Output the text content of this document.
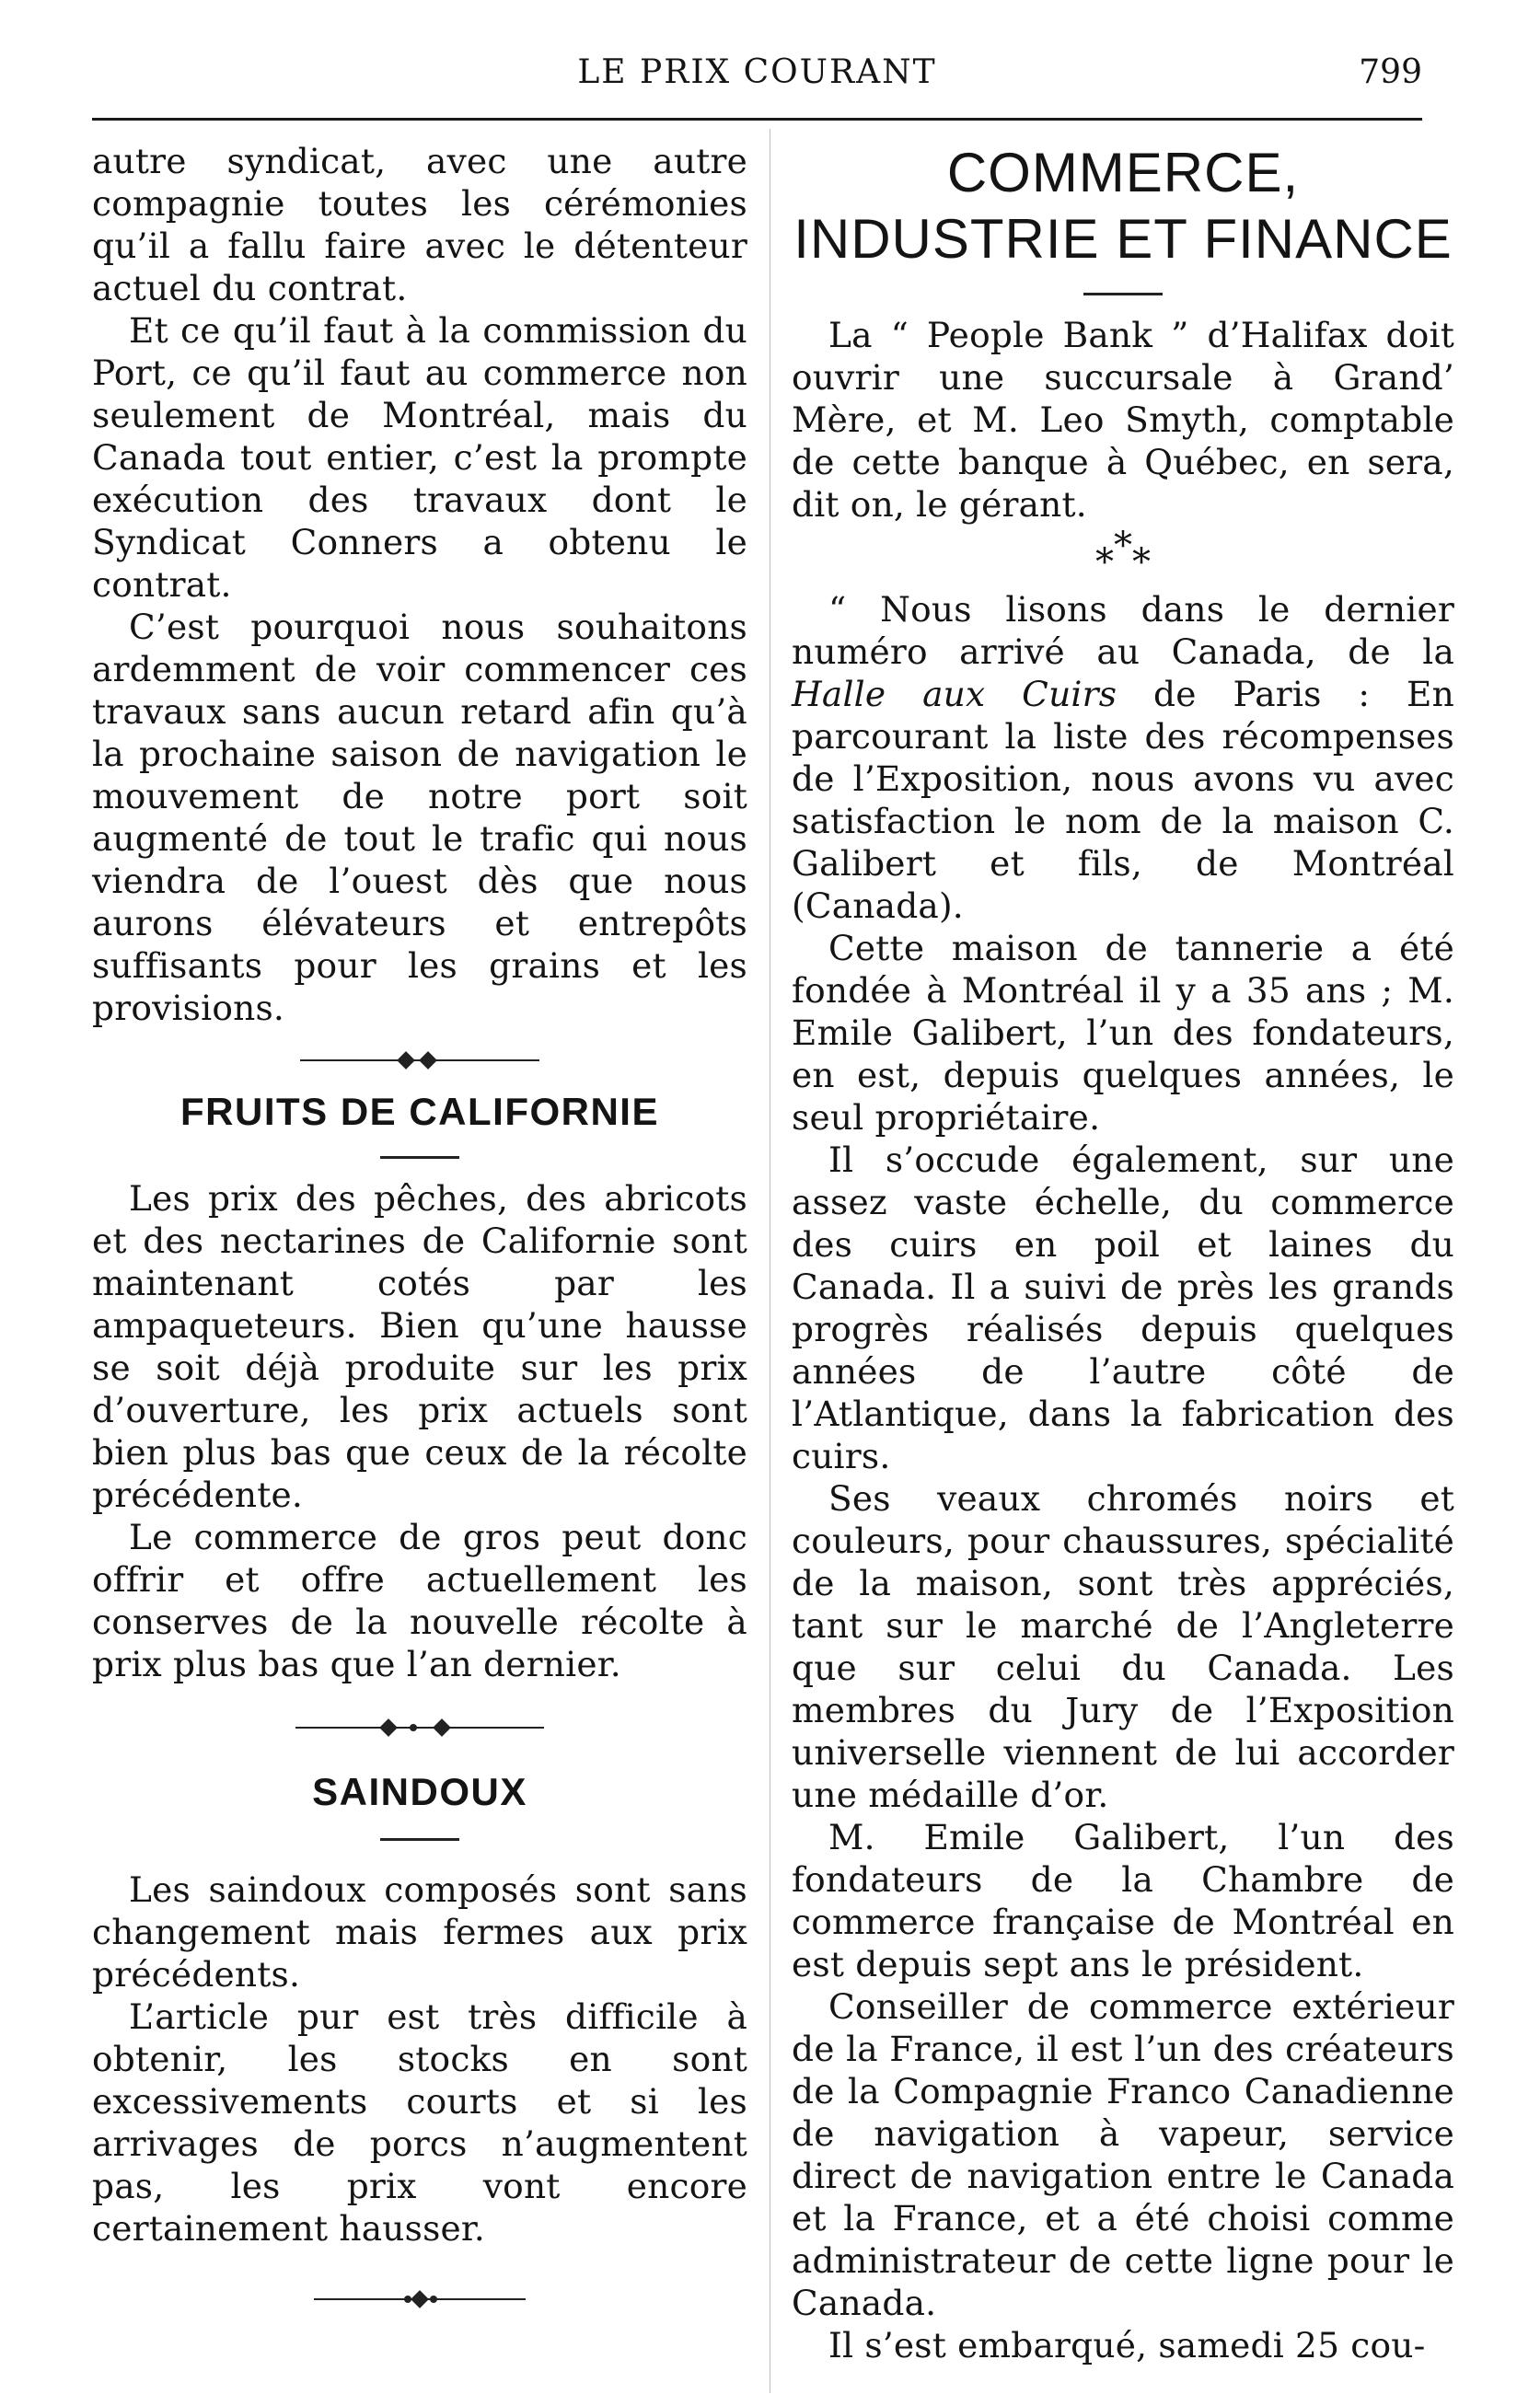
LE PRIX COURANT	799

autre syndicat, avec une autre compagnie toutes les cérémonies qu’il a fallu faire avec le détenteur actuel du contrat.

Et ce qu’il faut à la commission du Port, ce qu’il faut au commerce non seulement de Montréal, mais du Canada tout entier, c’est la prompte exécution des travaux dont le Syndicat Conners a obtenu le contrat.

C’est pourquoi nous souhaitons ardemment de voir commencer ces travaux sans aucun retard afin qu’à la prochaine saison de navigation le mouvement de notre port soit augmenté de tout le trafic qui nous viendra de l’ouest dès que nous aurons élévateurs et entrepôts suffisants pour les grains et les provisions.

FRUITS DE CALIFORNIE

Les prix des pêches, des abricots et des nectarines de Californie sont maintenant cotés par les ampaqueteurs. Bien qu’une hausse se soit déjà produite sur les prix d’ouverture, les prix actuels sont bien plus bas que ceux de la récolte précédente.

Le commerce de gros peut donc offrir et offre actuellement les conserves de la nouvelle récolte à prix plus bas que l’an dernier.

SAINDOUX

Les saindoux composés sont sans changement mais fermes aux prix précédents.

L’article pur est très difficile à obtenir, les stocks en sont excessivements courts et si les arrivages de porcs n’augmentent pas, les prix vont encore certainement hausser.

COMMERCE,
INDUSTRIE ET FINANCE

La “ People Bank ” d’Halifax doit ouvrir une succursale à Grand’ Mère, et M. Leo Smyth, comptable de cette banque à Québec, en sera, dit on, le gérant.

***

“ Nous lisons dans le dernier numéro arrivé au Canada, de la Halle aux Cuirs de Paris : En parcourant la liste des récompenses de l’Exposition, nous avons vu avec satisfaction le nom de la maison C. Galibert et fils, de Montréal (Canada).

Cette maison de tannerie a été fondée à Montréal il y a 35 ans ; M. Emile Galibert, l’un des fondateurs, en est, depuis quelques années, le seul propriétaire.

Il s’occude également, sur une assez vaste échelle, du commerce des cuirs en poil et laines du Canada. Il a suivi de près les grands progrès réalisés depuis quelques années de l’autre côté de l’Atlantique, dans la fabrication des cuirs.

Ses veaux chromés noirs et couleurs, pour chaussures, spécialité de la maison, sont très appréciés, tant sur le marché de l’Angleterre que sur celui du Canada. Les membres du Jury de l’Exposition universelle viennent de lui accorder une médaille d’or.

M. Emile Galibert, l’un des fondateurs de la Chambre de commerce française de Montréal en est depuis sept ans le président.

Conseiller de commerce extérieur de la France, il est l’un des créateurs de la Compagnie Franco Canadienne de navigation à vapeur, service direct de navigation entre le Canada et la France, et a été choisi comme administrateur de cette ligne pour le Canada.

Il s’est embarqué, samedi 25 cou-
